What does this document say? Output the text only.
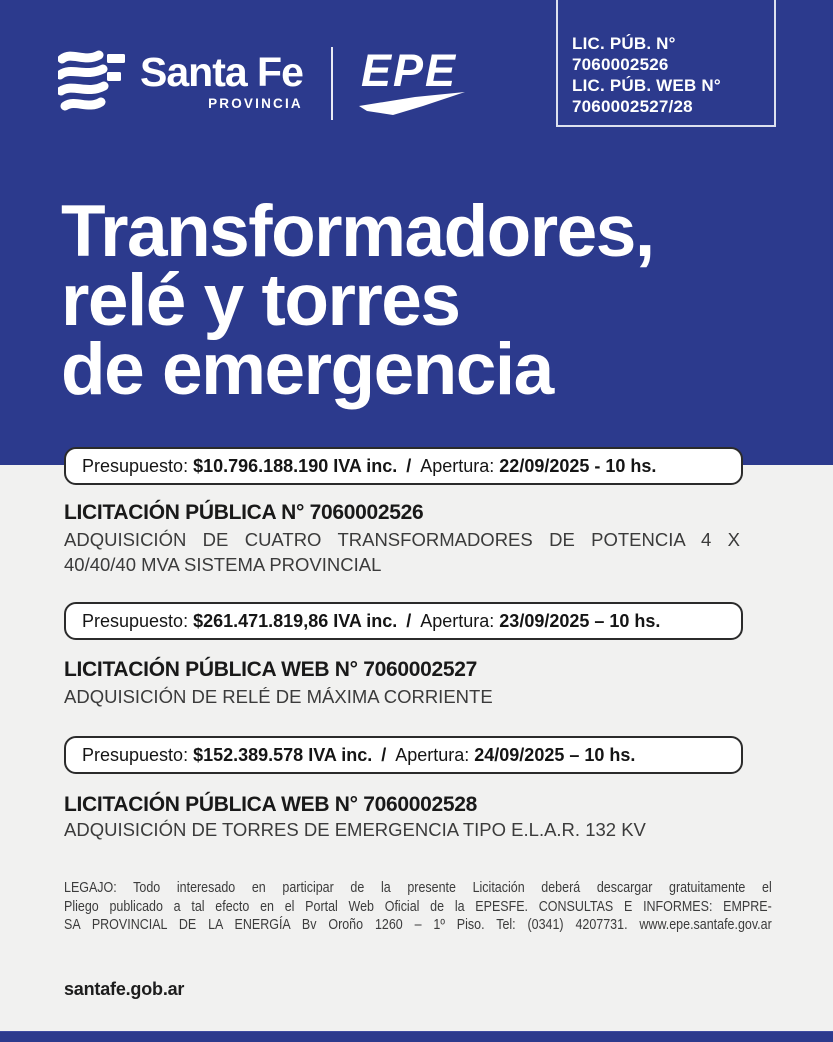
Santa Fe
PROVINCIA
EPE
LIC. PÚB. N°
7060002526
LIC. PÚB. WEB N°
7060002527/28
Transformadores,
relé y torres
de emergencia
Presupuesto: $10.796.188.190 IVA inc. / Apertura: 22/09/2025 - 10 hs.
LICITACIÓN PÚBLICA N° 7060002526
ADQUISICIÓN DE CUATRO TRANSFORMADORES DE POTENCIA 4 X
40/40/40 MVA SISTEMA PROVINCIAL
Presupuesto: $261.471.819,86 IVA inc. / Apertura: 23/09/2025 – 10 hs.
LICITACIÓN PÚBLICA WEB N° 7060002527
ADQUISICIÓN DE RELÉ DE MÁXIMA CORRIENTE
Presupuesto: $152.389.578 IVA inc. / Apertura: 24/09/2025 – 10 hs.
LICITACIÓN PÚBLICA WEB N° 7060002528
ADQUISICIÓN DE TORRES DE EMERGENCIA TIPO E.L.A.R. 132 KV
LEGAJO: Todo interesado en participar de la presente Licitación deberá descargar gratuitamente el
Pliego publicado a tal efecto en el Portal Web Oficial de la EPESFE. CONSULTAS E INFORMES: EMPRE-
SA PROVINCIAL DE LA ENERGÍA Bv Oroño 1260 – 1º Piso. Tel: (0341) 4207731. www.epe.santafe.gov.ar
santafe.gob.ar
